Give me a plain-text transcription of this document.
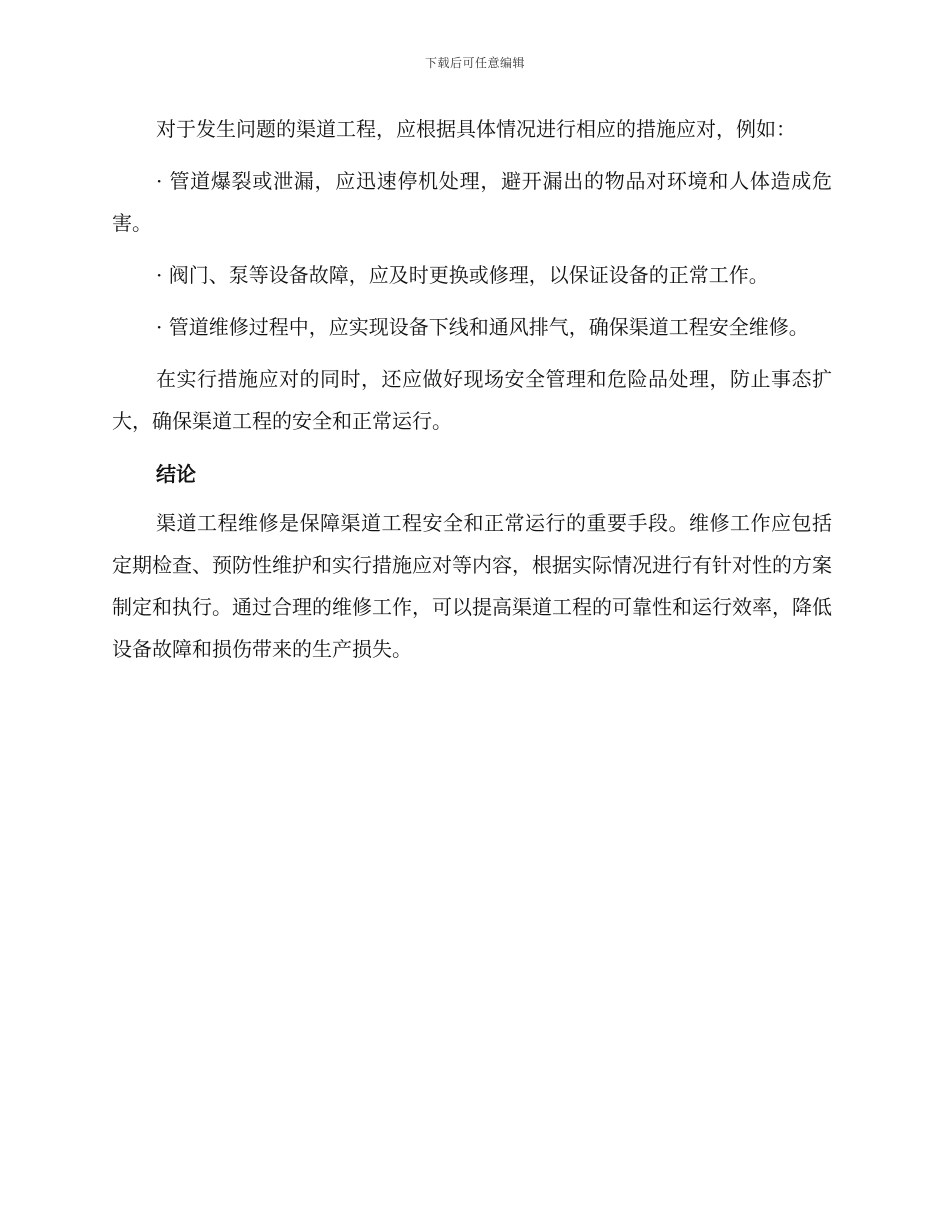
下载后可任意编辑

对于发生问题的渠道工程，应根据具体情况进行相应的措施应对，例如：

· 管道爆裂或泄漏，应迅速停机处理，避开漏出的物品对环境和人体造成危害。

· 阀门、泵等设备故障，应及时更换或修理，以保证设备的正常工作。

· 管道维修过程中，应实现设备下线和通风排气，确保渠道工程安全维修。

在实行措施应对的同时，还应做好现场安全管理和危险品处理，防止事态扩大，确保渠道工程的安全和正常运行。

结论

渠道工程维修是保障渠道工程安全和正常运行的重要手段。维修工作应包括定期检查、预防性维护和实行措施应对等内容，根据实际情况进行有针对性的方案制定和执行。通过合理的维修工作，可以提高渠道工程的可靠性和运行效率，降低设备故障和损伤带来的生产损失。
